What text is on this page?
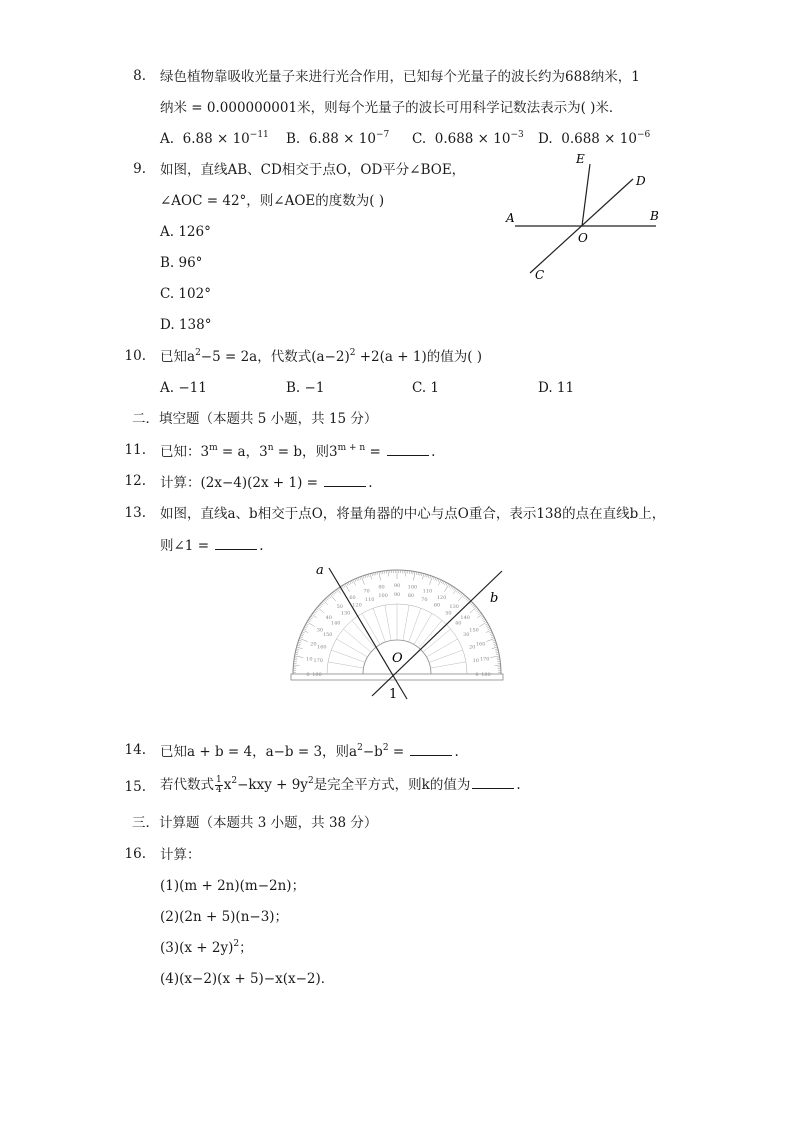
8. 绿色植物靠吸收光量子来进行光合作用，已知每个光量子的波长约为688纳米，1
纳米 = 0.000000001米，则每个光量子的波长可用科学记数法表示为( )米．
A. $6.88 \times 10^{-11}$ B. $6.88 \times 10^{-7}$ C. $0.688 \times 10^{-3}$ D. $0.688 \times 10^{-6}$
9. 如图，直线AB、CD相交于点O，OD平分∠BOE，
∠AOC = 42°，则∠AOE的度数为( )
A. 126°
B. 96°
C. 102°
D. 138°
E
D
A	B
O
C
10. 已知$a^2-5 = 2a$，代数式$(a-2)^2 +2(a + 1)$的值为( )
A. −11	B. −1	C. 1	D. 11
二．填空题（本题共 5 小题，共 15 分）
11. 已知：$3^m = a$，$3^n = b$，则$3^{m + n}$ =	.
12. 计算：(2x−4)(2x + 1) =	.
13. 如图，直线a、b相交于点O，将量角器的中心与点O重合，表示138的点在直线b上，
则∠1 =	.
180
0
170
10
160
20
150
30
140
40
130
50
120
60
110
70
100
80
90
90
80
100
70
110
60
120
50
130
40
140
30
150
20
160
10 170
0 180
a
b
O
1
14. 已知a + b = 4，a−b = 3，则$a^2-b^2$ =	.
15. 若代数式 $\frac{1}{4} x^2-kxy + 9y^2$是完全平方式，则k的值为	.
三．计算题（本题共 3 小题，共 38 分）
16. 计算：
(1)(m + 2n)(m−2n)；
(2)(2n + 5)(n−3)；
$(3)(x + 2y)^2$；
(4)(x−2)(x + 5)−x(x−2)．
